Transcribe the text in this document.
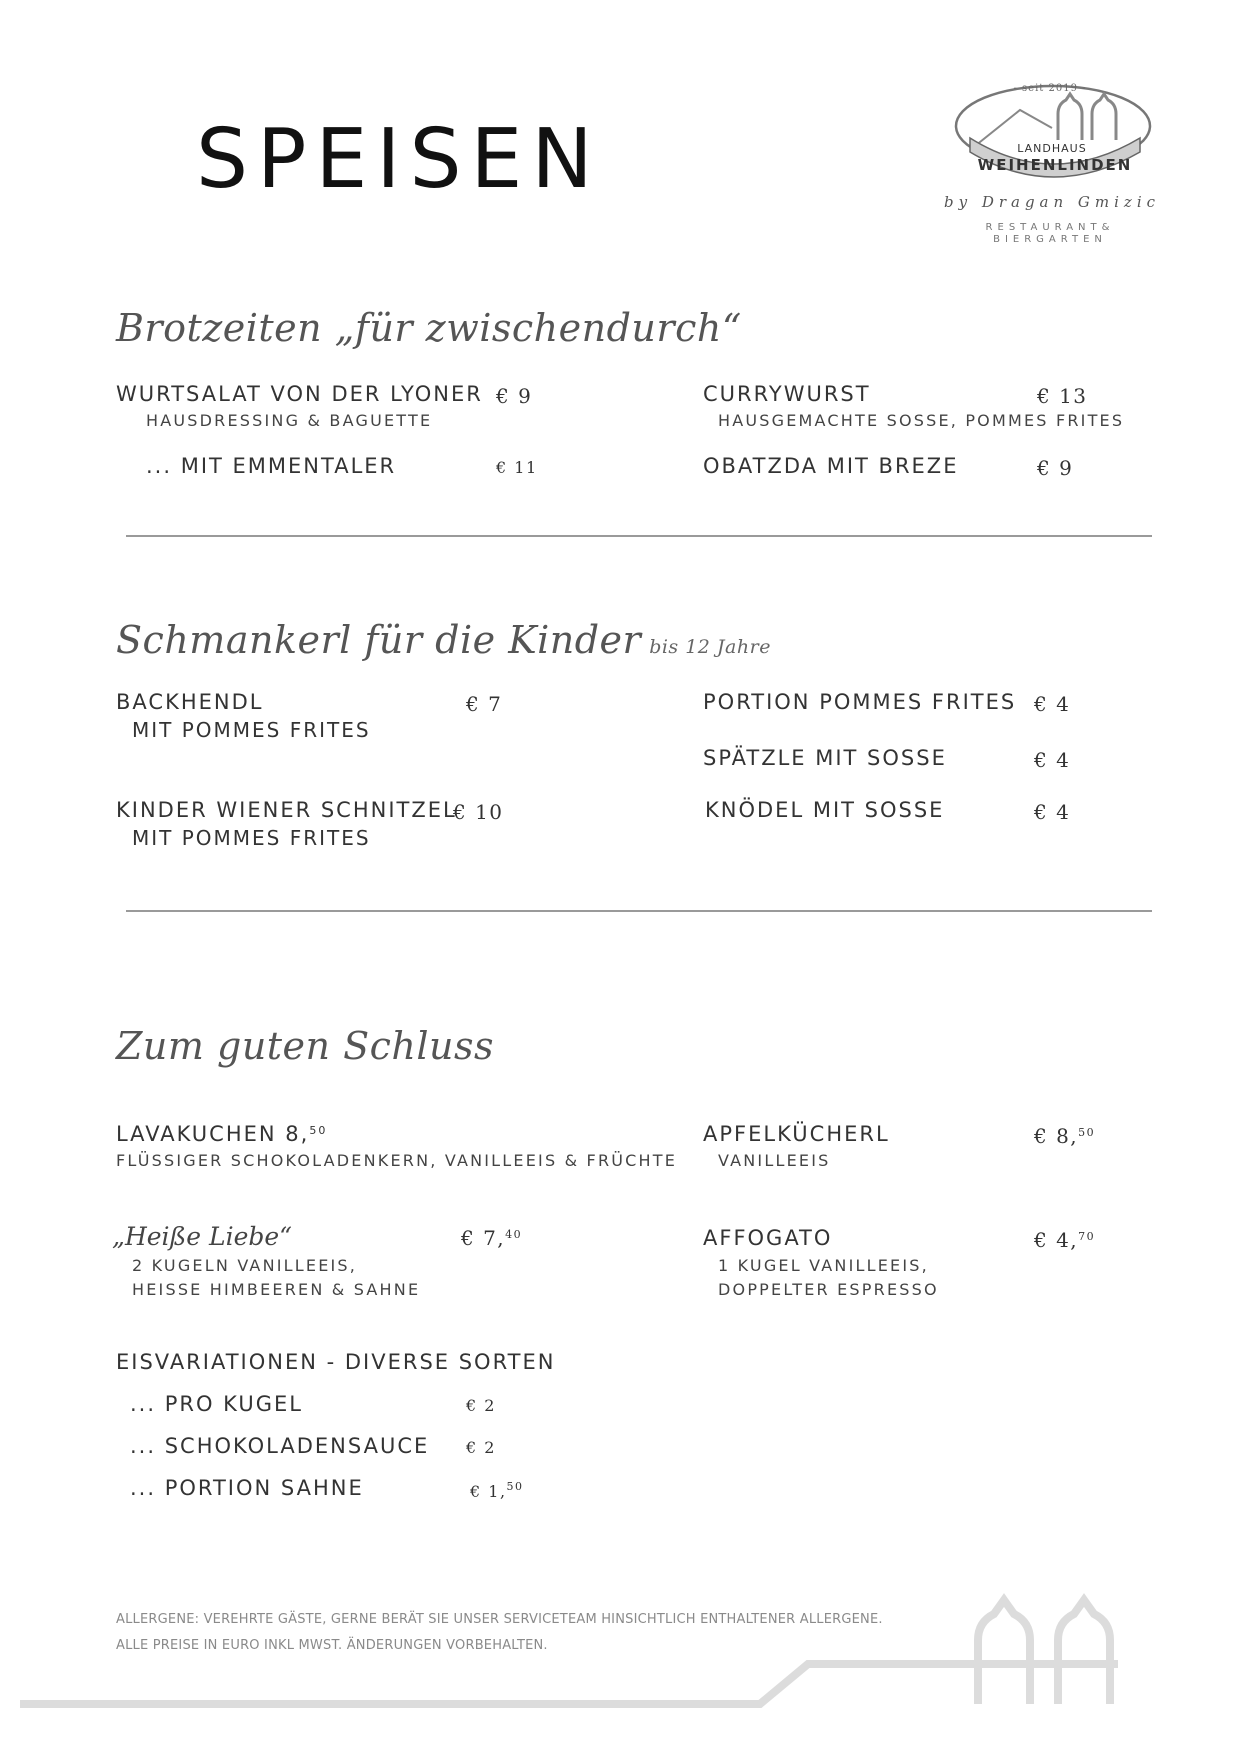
SPEISEN
- seit 2019 -
LANDHAUS
WEIHENLINDEN
by Dragan Gmizic
RESTAURANT&
BIERGARTEN
Brotzeiten „für zwischendurch“
WURTSALAT VON DER LYONER € 9
HAUSDRESSING & BAGUETTE
... MIT EMMENTALER	€ 11
CURRYWURST	€ 13
HAUSGEMACHTE SOSSE, POMMES FRITES
OBATZDA MIT BREZE	€ 9
Schmankerl für die Kinder bis 12 Jahre
BACKHENDL	€ 7
MIT POMMES FRITES
KINDER WIENER SCHNITZEL
€ 10
MIT POMMES FRITES
PORTION POMMES FRITES € 4
SPÄTZLE MIT SOSSE	€ 4
KNÖDEL MIT SOSSE	€ 4
Zum guten Schluss
LAVAKUCHEN 8,50
FLÜSSIGER SCHOKOLADENKERN, VANILLEEIS & FRÜCHTE
„Heiße Liebe“	€ 7,40
2 KUGELN VANILLEEIS,
HEISSE HIMBEEREN & SAHNE
APFELKÜCHERL	€ 8,50
VANILLEEIS
AFFOGATO	€ 4,70
1 KUGEL VANILLEEIS,
DOPPELTER ESPRESSO
EISVARIATIONEN - DIVERSE SORTEN
... PRO KUGEL	€ 2
... SCHOKOLADENSAUCE € 2
... PORTION SAHNE	€ 1,50
ALLERGENE: VEREHRTE GÄSTE, GERNE BERÄT SIE UNSER SERVICETEAM HINSICHTLICH ENTHALTENER ALLERGENE.
ALLE PREISE IN EURO INKL MWST. ÄNDERUNGEN VORBEHALTEN.
